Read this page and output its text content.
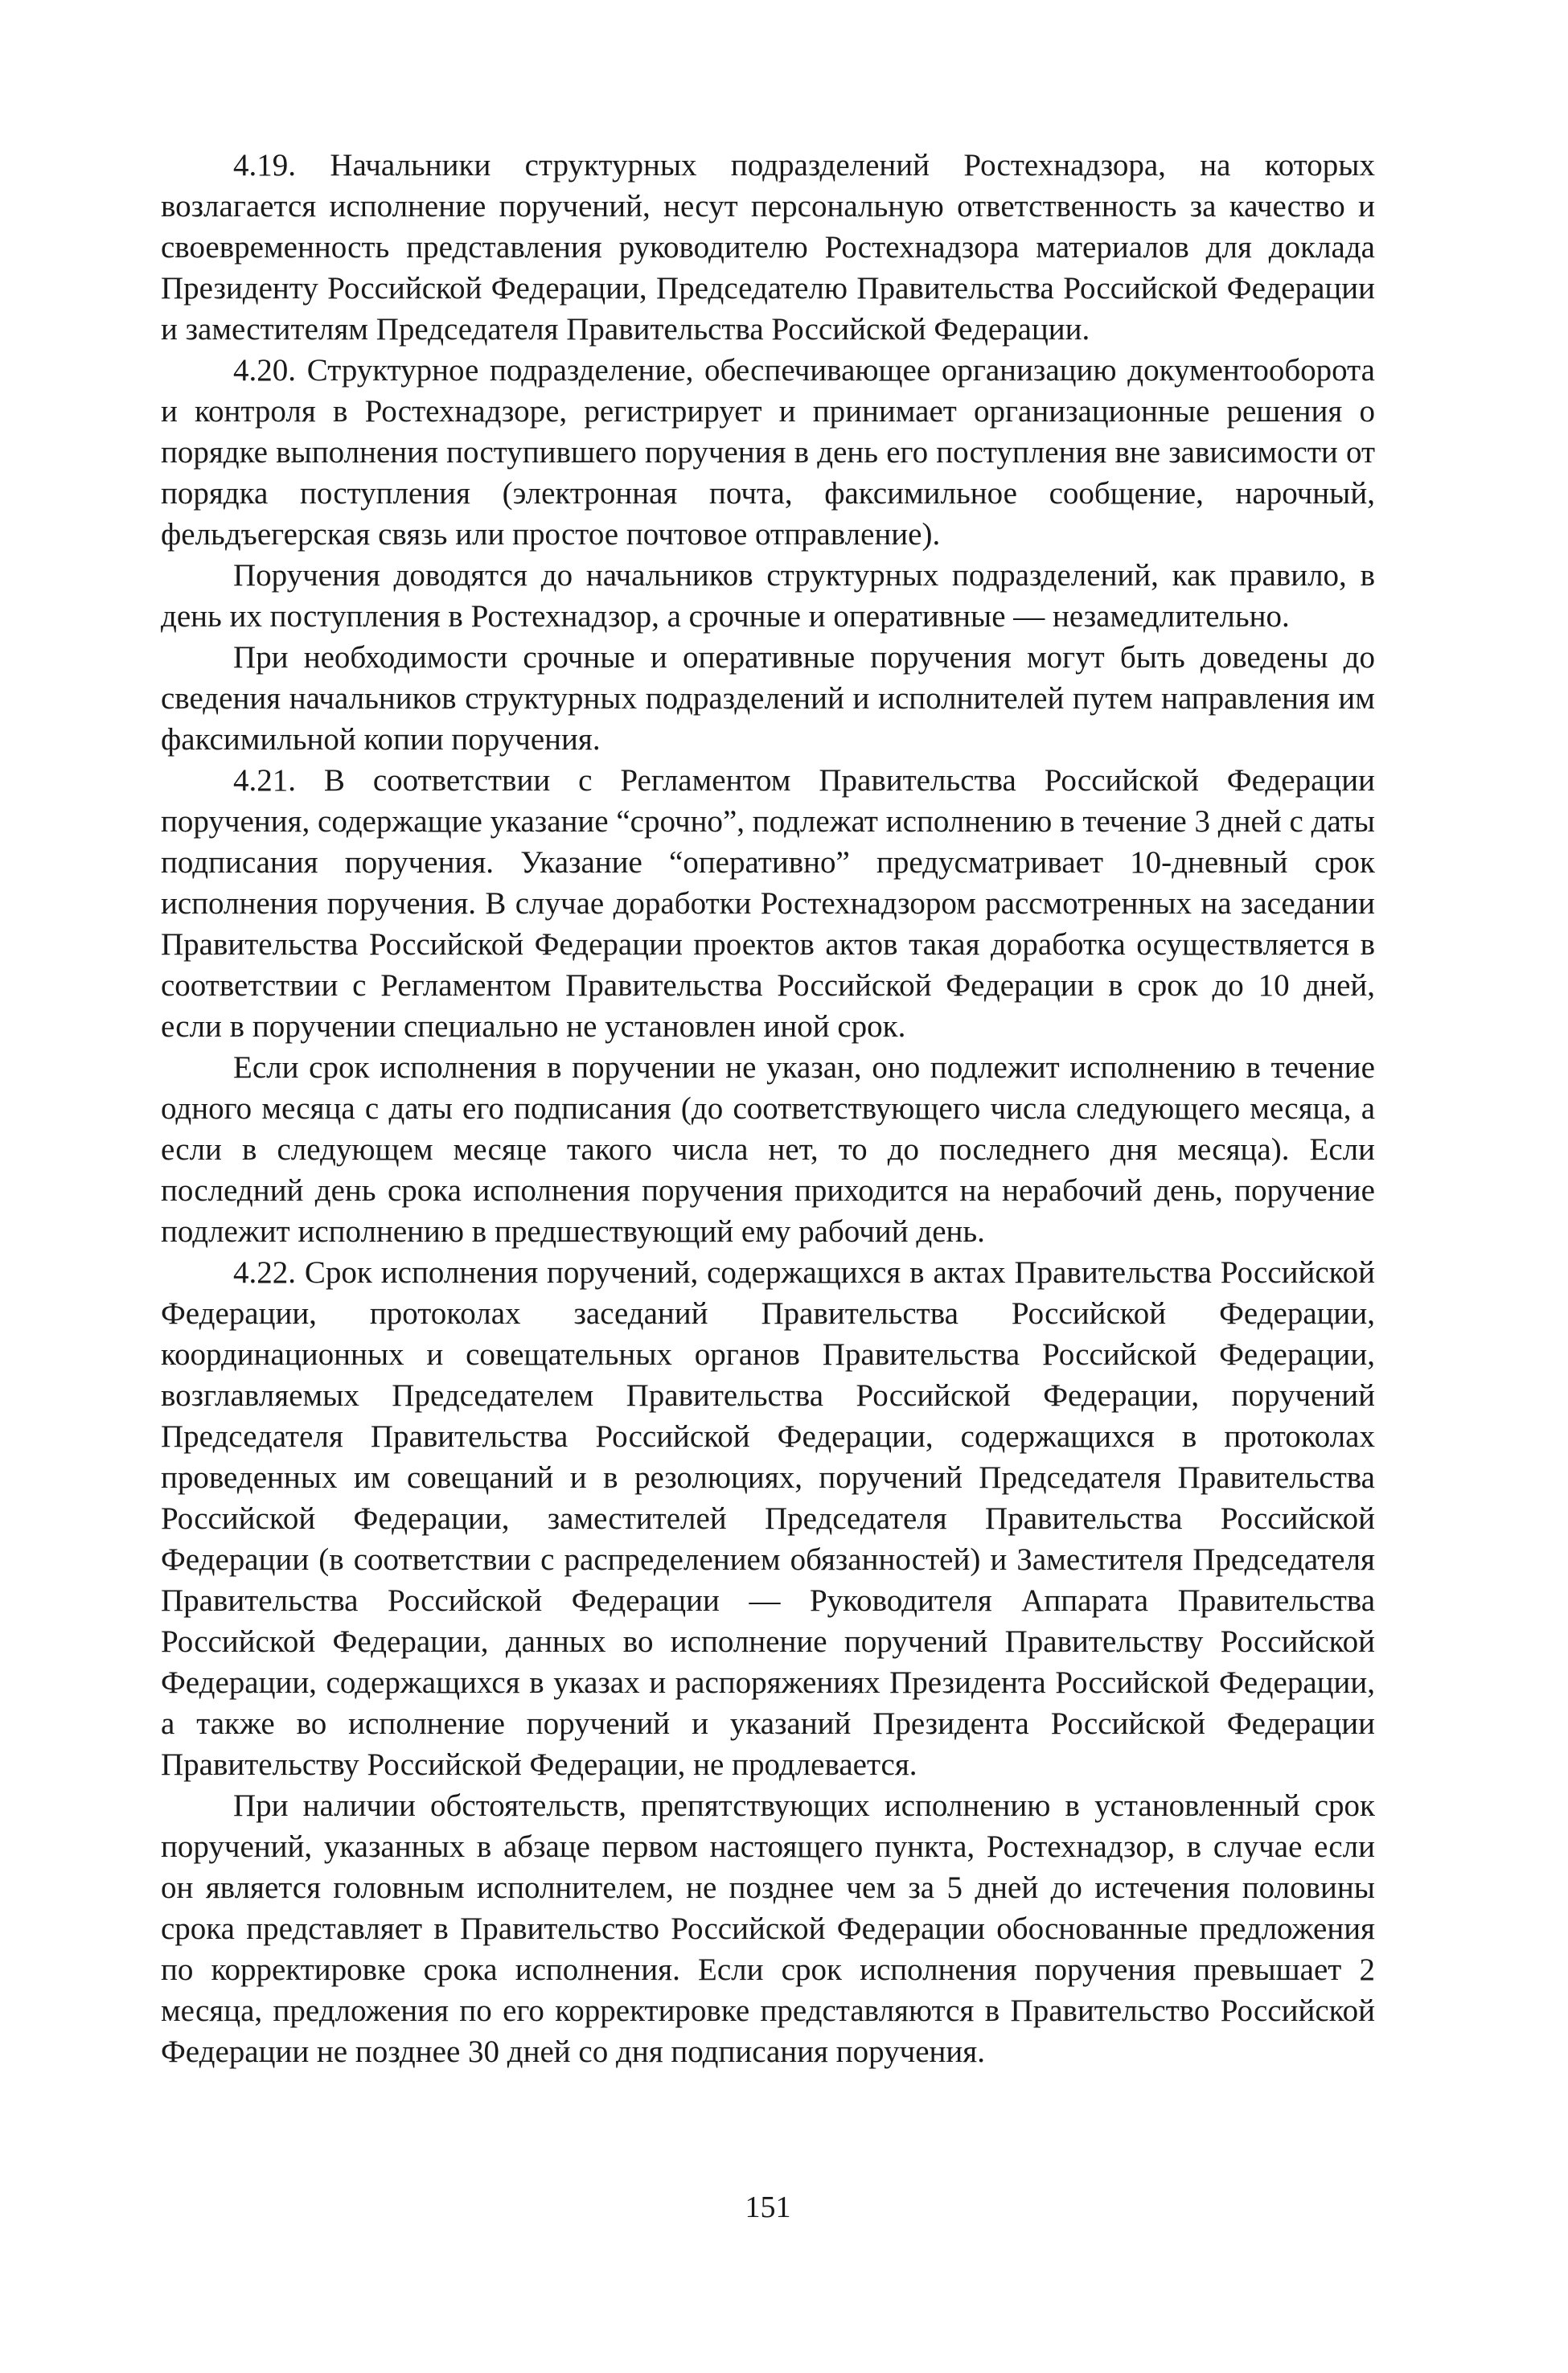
4.19. Начальники структурных подразделений Ростехнадзора, на которых возлагается исполнение поручений, несут персональную ответственность за качество и своевременность представления руководителю Ростехнадзора материалов для доклада Президенту Российской Федерации, Председателю Правительства Российской Федерации и заместителям Председателя Правительства Российской Федерации.

4.20. Структурное подразделение, обеспечивающее организацию документооборота и контроля в Ростехнадзоре, регистрирует и принимает организационные решения о порядке выполнения поступившего поручения в день его поступления вне зависимости от порядка поступления (электронная почта, факсимильное сообщение, нарочный, фельдъегерская связь или простое почтовое отправление).

Поручения доводятся до начальников структурных подразделений, как правило, в день их поступления в Ростехнадзор, а срочные и оперативные — незамедлительно.

При необходимости срочные и оперативные поручения могут быть доведены до сведения начальников структурных подразделений и исполнителей путем направления им факсимильной копии поручения.

4.21. В соответствии с Регламентом Правительства Российской Федерации поручения, содержащие указание “срочно”, подлежат исполнению в течение 3 дней с даты подписания поручения. Указание “оперативно” предусматривает 10-дневный срок исполнения поручения. В случае доработки Ростехнадзором рассмотренных на заседании Правительства Российской Федерации проектов актов такая доработка осуществляется в соответствии с Регламентом Правительства Российской Федерации в срок до 10 дней, если в поручении специально не установлен иной срок.

Если срок исполнения в поручении не указан, оно подлежит исполнению в течение одного месяца с даты его подписания (до соответствующего числа следующего месяца, а если в следующем месяце такого числа нет, то до последнего дня месяца). Если последний день срока исполнения поручения приходится на нерабочий день, поручение подлежит исполнению в предшествующий ему рабочий день.

4.22. Срок исполнения поручений, содержащихся в актах Правительства Российской Федерации, протоколах заседаний Правительства Российской Федерации, координационных и совещательных органов Правительства Российской Федерации, возглавляемых Председателем Правительства Российской Федерации, поручений Председателя Правительства Российской Федерации, содержащихся в протоколах проведенных им совещаний и в резолюциях, поручений Председателя Правительства Российской Федерации, заместителей Председателя Правительства Российской Федерации (в соответствии с распределением обязанностей) и Заместителя Председателя Правительства Российской Федерации — Руководителя Аппарата Правительства Российской Федерации, данных во исполнение поручений Правительству Российской Федерации, содержащихся в указах и распоряжениях Президента Российской Федерации, а также во исполнение поручений и указаний Президента Российской Федерации Правительству Российской Федерации, не продлевается.

При наличии обстоятельств, препятствующих исполнению в установленный срок поручений, указанных в абзаце первом настоящего пункта, Ростехнадзор, в случае если он является головным исполнителем, не позднее чем за 5 дней до истечения половины срока представляет в Правительство Российской Федерации обоснованные предложения по корректировке срока исполнения. Если срок исполнения поручения превышает 2 месяца, предложения по его корректировке представляются в Правительство Российской Федерации не позднее 30 дней со дня подписания поручения.

151
